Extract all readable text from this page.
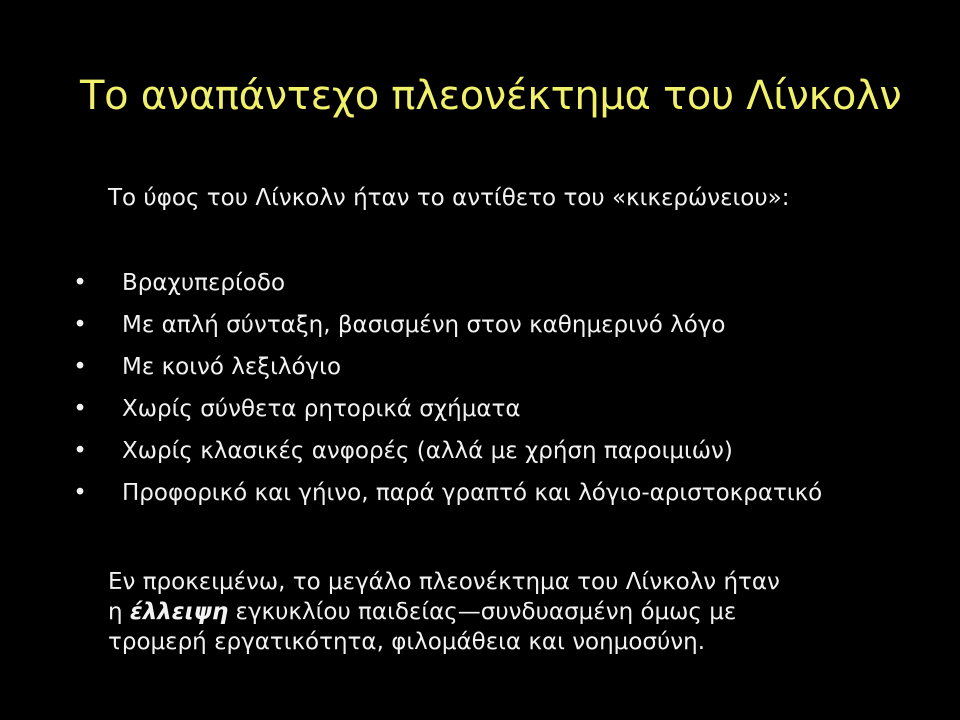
Το αναπάντεχο πλεονέκτημα του Λίνκολν
Το ύφος του Λίνκολν ήταν το αντίθετο του «κικερώνειου»:
• Βραχυπερίοδο
• Με απλή σύνταξη, βασισμένη στον καθημερινό λόγο
• Με κοινό λεξιλόγιο
• Χωρίς σύνθετα ρητορικά σχήματα
• Χωρίς κλασικές ανφορές (αλλά με χρήση παροιμιών)
• Προφορικό και γήινο, παρά γραπτό και λόγιο-αριστοκρατικό
Εν προκειμένω, το μεγάλο πλεονέκτημα του Λίνκολν ήταν
η έλλειψη εγκυκλίου παιδείας—συνδυασμένη όμως με
τρομερή εργατικότητα, φιλομάθεια και νοημοσύνη.
